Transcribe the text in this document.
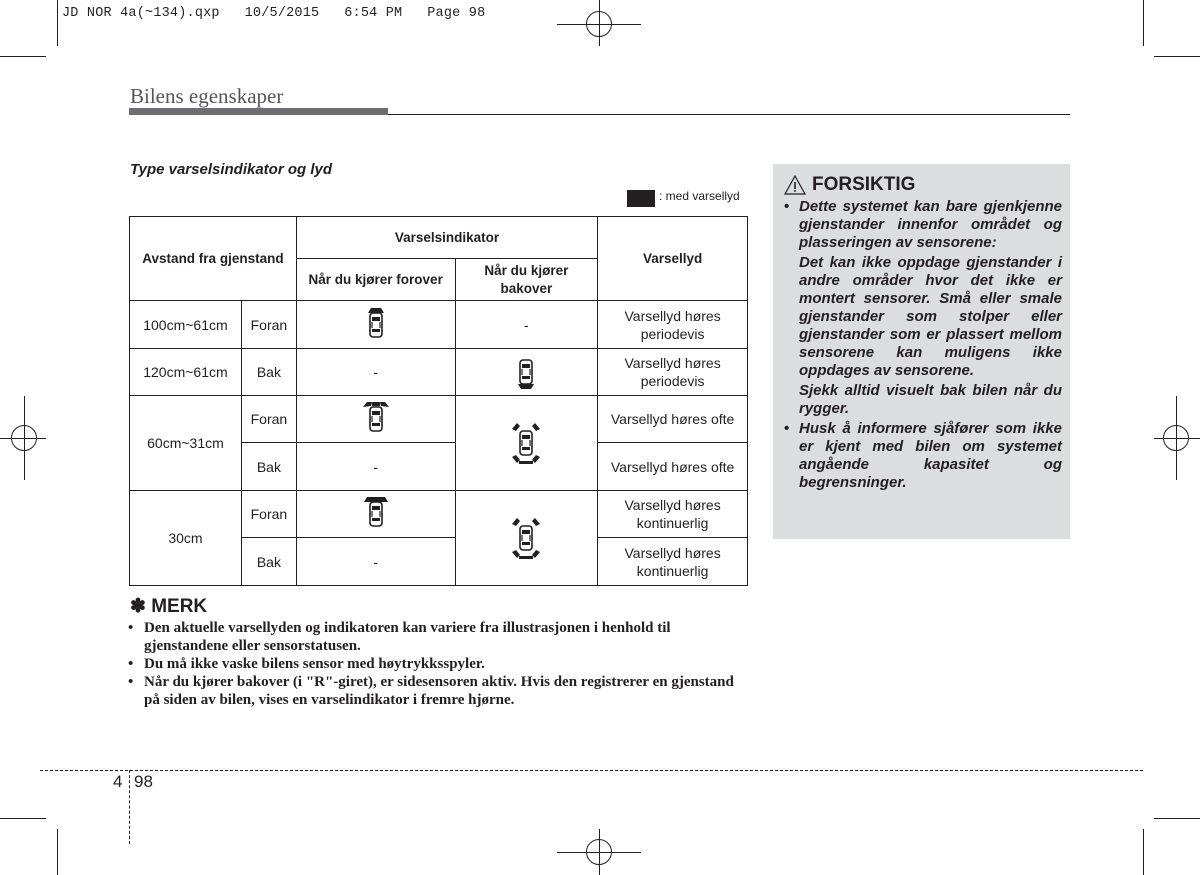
JD NOR 4a(~134).qxp   10/5/2015   6:54 PM   Page 98
Bilens egenskaper
Type varselsindikator og lyd
: med varsellyd
Avstand fra gjenstand		Varselsindikator		Varsellyd
		Når du kjører forover	Når du kjører bakover	
100cm~61cm	Foran		-	Varsellyd høres periodevis
120cm~61cm	Bak	-		Varsellyd høres periodevis
60cm~31cm	Foran			Varsellyd høres ofte
	Bak	-		Varsellyd høres ofte
30cm	Foran			Varsellyd høres kontinuerlig
	Bak	-		Varsellyd høres kontinuerlig
✽ MERK
• Den aktuelle varsellyden og indikatoren kan variere fra illustrasjonen i henhold til gjenstandene eller sensorstatusen.
• Du må ikke vaske bilens sensor med høytrykksspyler.
• Når du kjører bakover (i "R"-giret), er sidesensoren aktiv. Hvis den registrerer en gjenstand på siden av bilen, vises en varselindikator i fremre hjørne.
FORSIKTIG
• Dette systemet kan bare gjenkjenne gjenstander innenfor området og plasseringen av sensorene:

Det kan ikke oppdage gjenstander i andre områder hvor det ikke er montert sensorer. Små eller smale gjenstander som stolper eller gjenstander som er plassert mellom sensorene kan muligens ikke oppdages av sensorene.

Sjekk alltid visuelt bak bilen når du rygger.

• Husk å informere sjåfører som ikke er kjent med bilen om systemet angående kapasitet og begrensninger.
4 98
